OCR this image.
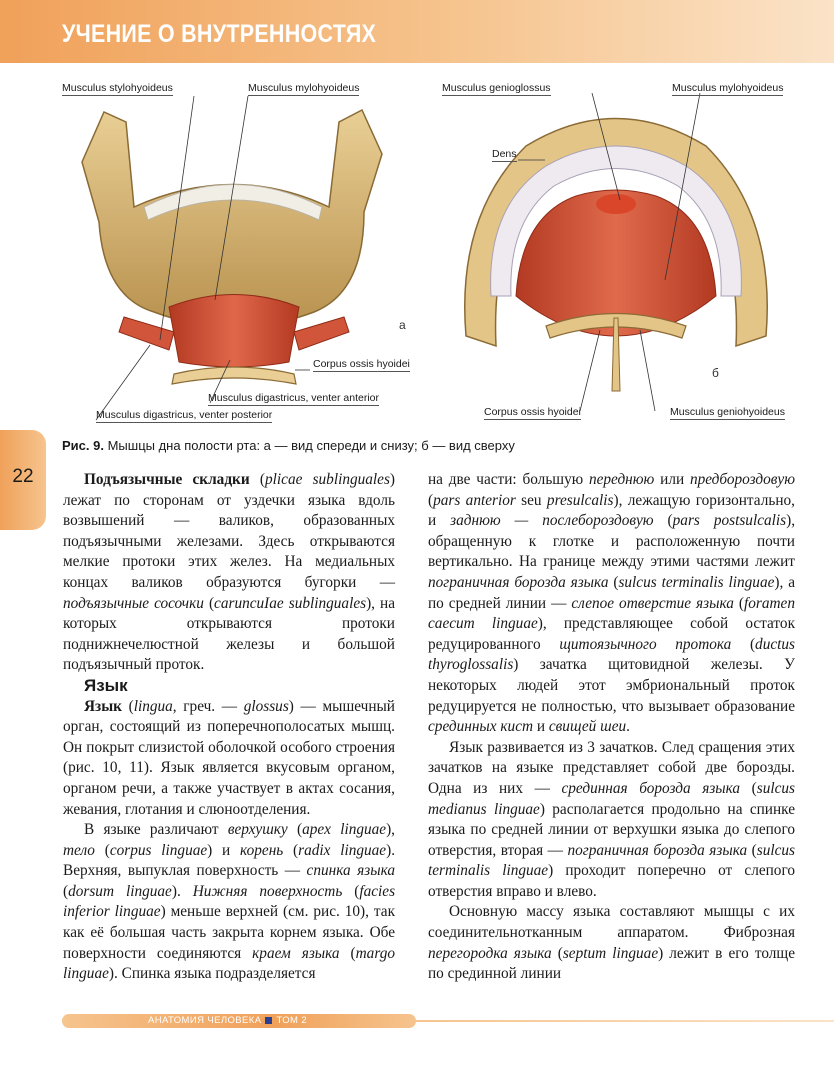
УЧЕНИЕ О ВНУТРЕННОСТЯХ
Musculus stylohyoideus	Musculus mylohyoideus
Corpus ossis hyoidei
Musculus digastricus, venter anterior
Musculus digastricus, venter posterior
а
Musculus genioglossus	Musculus mylohyoideus
Dens
Corpus ossis hyoidei	Musculus geniohyoideus
б
Рис. 9. Мышцы дна полости рта: а — вид спереди и снизу; б — вид сверху
22	Подъязычные складки (plicae sublinguales) лежат по сторонам от уздечки языка вдоль возвышений — валиков, образованных подъязычными железами. Здесь открываются мелкие протоки этих желез. На медиальных концах валиков образуются бугорки — подъязычные сосочки (caruncuIae sublinguales), на которых открываются протоки поднижнечелюстной железы и большой подъязычный проток.

Язык

Язык (lingua, греч. — glossus) — мышечный орган, состоящий из поперечнополосатых мышц. Он покрыт слизистой оболочкой особого строения (рис. 10, 11). Язык является вкусовым органом, органом речи, а также участвует в актах сосания, жевания, глотания и слюноотделения.

В языке различают верхушку (apex linguae), тело (corpus linguae) и корень (radix linguae). Верхняя, выпуклая поверхность — спинка языка (dorsum linguae). Нижняя поверхность (facies inferior linguae) меньше верхней (см. рис. 10), так как её большая часть закрыта корнем языка. Обе поверхности соединяются краем языка (margo linguae). Спинка языка подразделяется

на две части: большую переднюю или предбороздовую (pars anterior seu presulcalis), лежащую горизонтально, и заднюю — послебороздовую (pars postsulcalis), обращенную к глотке и расположенную почти вертикально. На границе между этими частями лежит пограничная борозда языка (sulcus terminalis linguae), а по средней линии — слепое отверстие языка (foramen caecum linguae), представляющее собой остаток редуцированного щитоязычного протока (ductus thyroglossalis) зачатка щитовидной железы. У некоторых людей этот эмбриональный проток редуцируется не полностью, что вызывает образование срединных кист и свищей шеи.

Язык развивается из 3 зачатков. След сращения этих зачатков на языке представляет собой две борозды. Одна из них — срединная борозда языка (sulcus medianus linguae) располагается продольно на спинке языка по средней линии от верхушки языка до слепого отверстия, вторая — пограничная борозда языка (sulcus terminalis linguae) проходит поперечно от слепого отверстия вправо и влево.

Основную массу языка составляют мышцы с их соединительнотканным аппаратом. Фиброзная перегородка языка (septum linguae) лежит в его толще по срединной линии

АНАТОМИЯ ЧЕЛОВЕКА ТОМ 2
